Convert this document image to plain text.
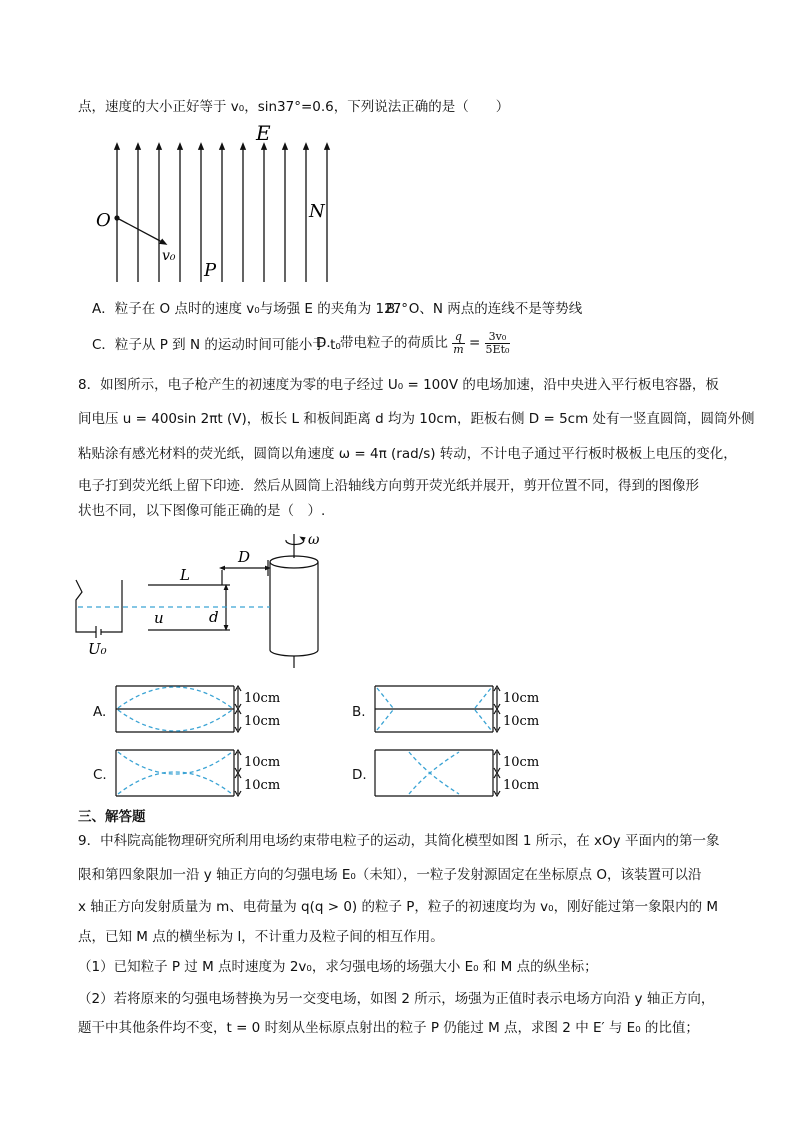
点，速度的大小正好等于 v₀，sin37°=0.6，下列说法正确的是（　　）
E
O	N
P
v₀
A．粒子在 O 点时的速度 v₀与场强 E 的夹角为 127°
B．O、N 两点的连线不是等势线
C．粒子从 P 到 N 的运动时间可能小于 t₀
D．带电粒子的荷质比 $\frac{q}{m} = \frac{\text{3v₀}}{\text{5Et₀}}$
8．如图所示，电子枪产生的初速度为零的电子经过 U₀ = 100V 的电场加速，沿中央进入平行板电容器，板
间电压 u = 400sin 2πt (V)，板长 L 和板间距离 d 均为 10cm，距板右侧 D = 5cm 处有一竖直圆筒，圆筒外侧
粘贴涂有感光材料的荧光纸，圆筒以角速度 ω = 4π (rad/s) 转动，不计电子通过平行板时极板上电压的变化，
电子打到荧光纸上留下印迹．然后从圆筒上沿轴线方向剪开荧光纸并展开，剪开位置不同，得到的图像形
状也不同，以下图像可能正确的是（　）.
D
L
u	d
U₀
ω
A.
10cm
10cm
B.
10cm
10cm
C.
10cm
10cm
D.
10cm
10cm
三、解答题
9．中科院高能物理研究所利用电场约束带电粒子的运动，其简化模型如图 1 所示，在 xOy 平面内的第一象
限和第四象限加一沿 y 轴正方向的匀强电场 E₀（未知），一粒子发射源固定在坐标原点 O，该装置可以沿
x 轴正方向发射质量为 m、电荷量为 q(q > 0) 的粒子 P，粒子的初速度均为 v₀，刚好能过第一象限内的 M
点，已知 M 点的横坐标为 l，不计重力及粒子间的相互作用。
（1）已知粒子 P 过 M 点时速度为 2v₀，求匀强电场的场强大小 E₀ 和 M 点的纵坐标；
（2）若将原来的匀强电场替换为另一交变电场，如图 2 所示，场强为正值时表示电场方向沿 y 轴正方向，
题干中其他条件均不变，t = 0 时刻从坐标原点射出的粒子 P 仍能过 M 点，求图 2 中 E′ 与 E₀ 的比值；
